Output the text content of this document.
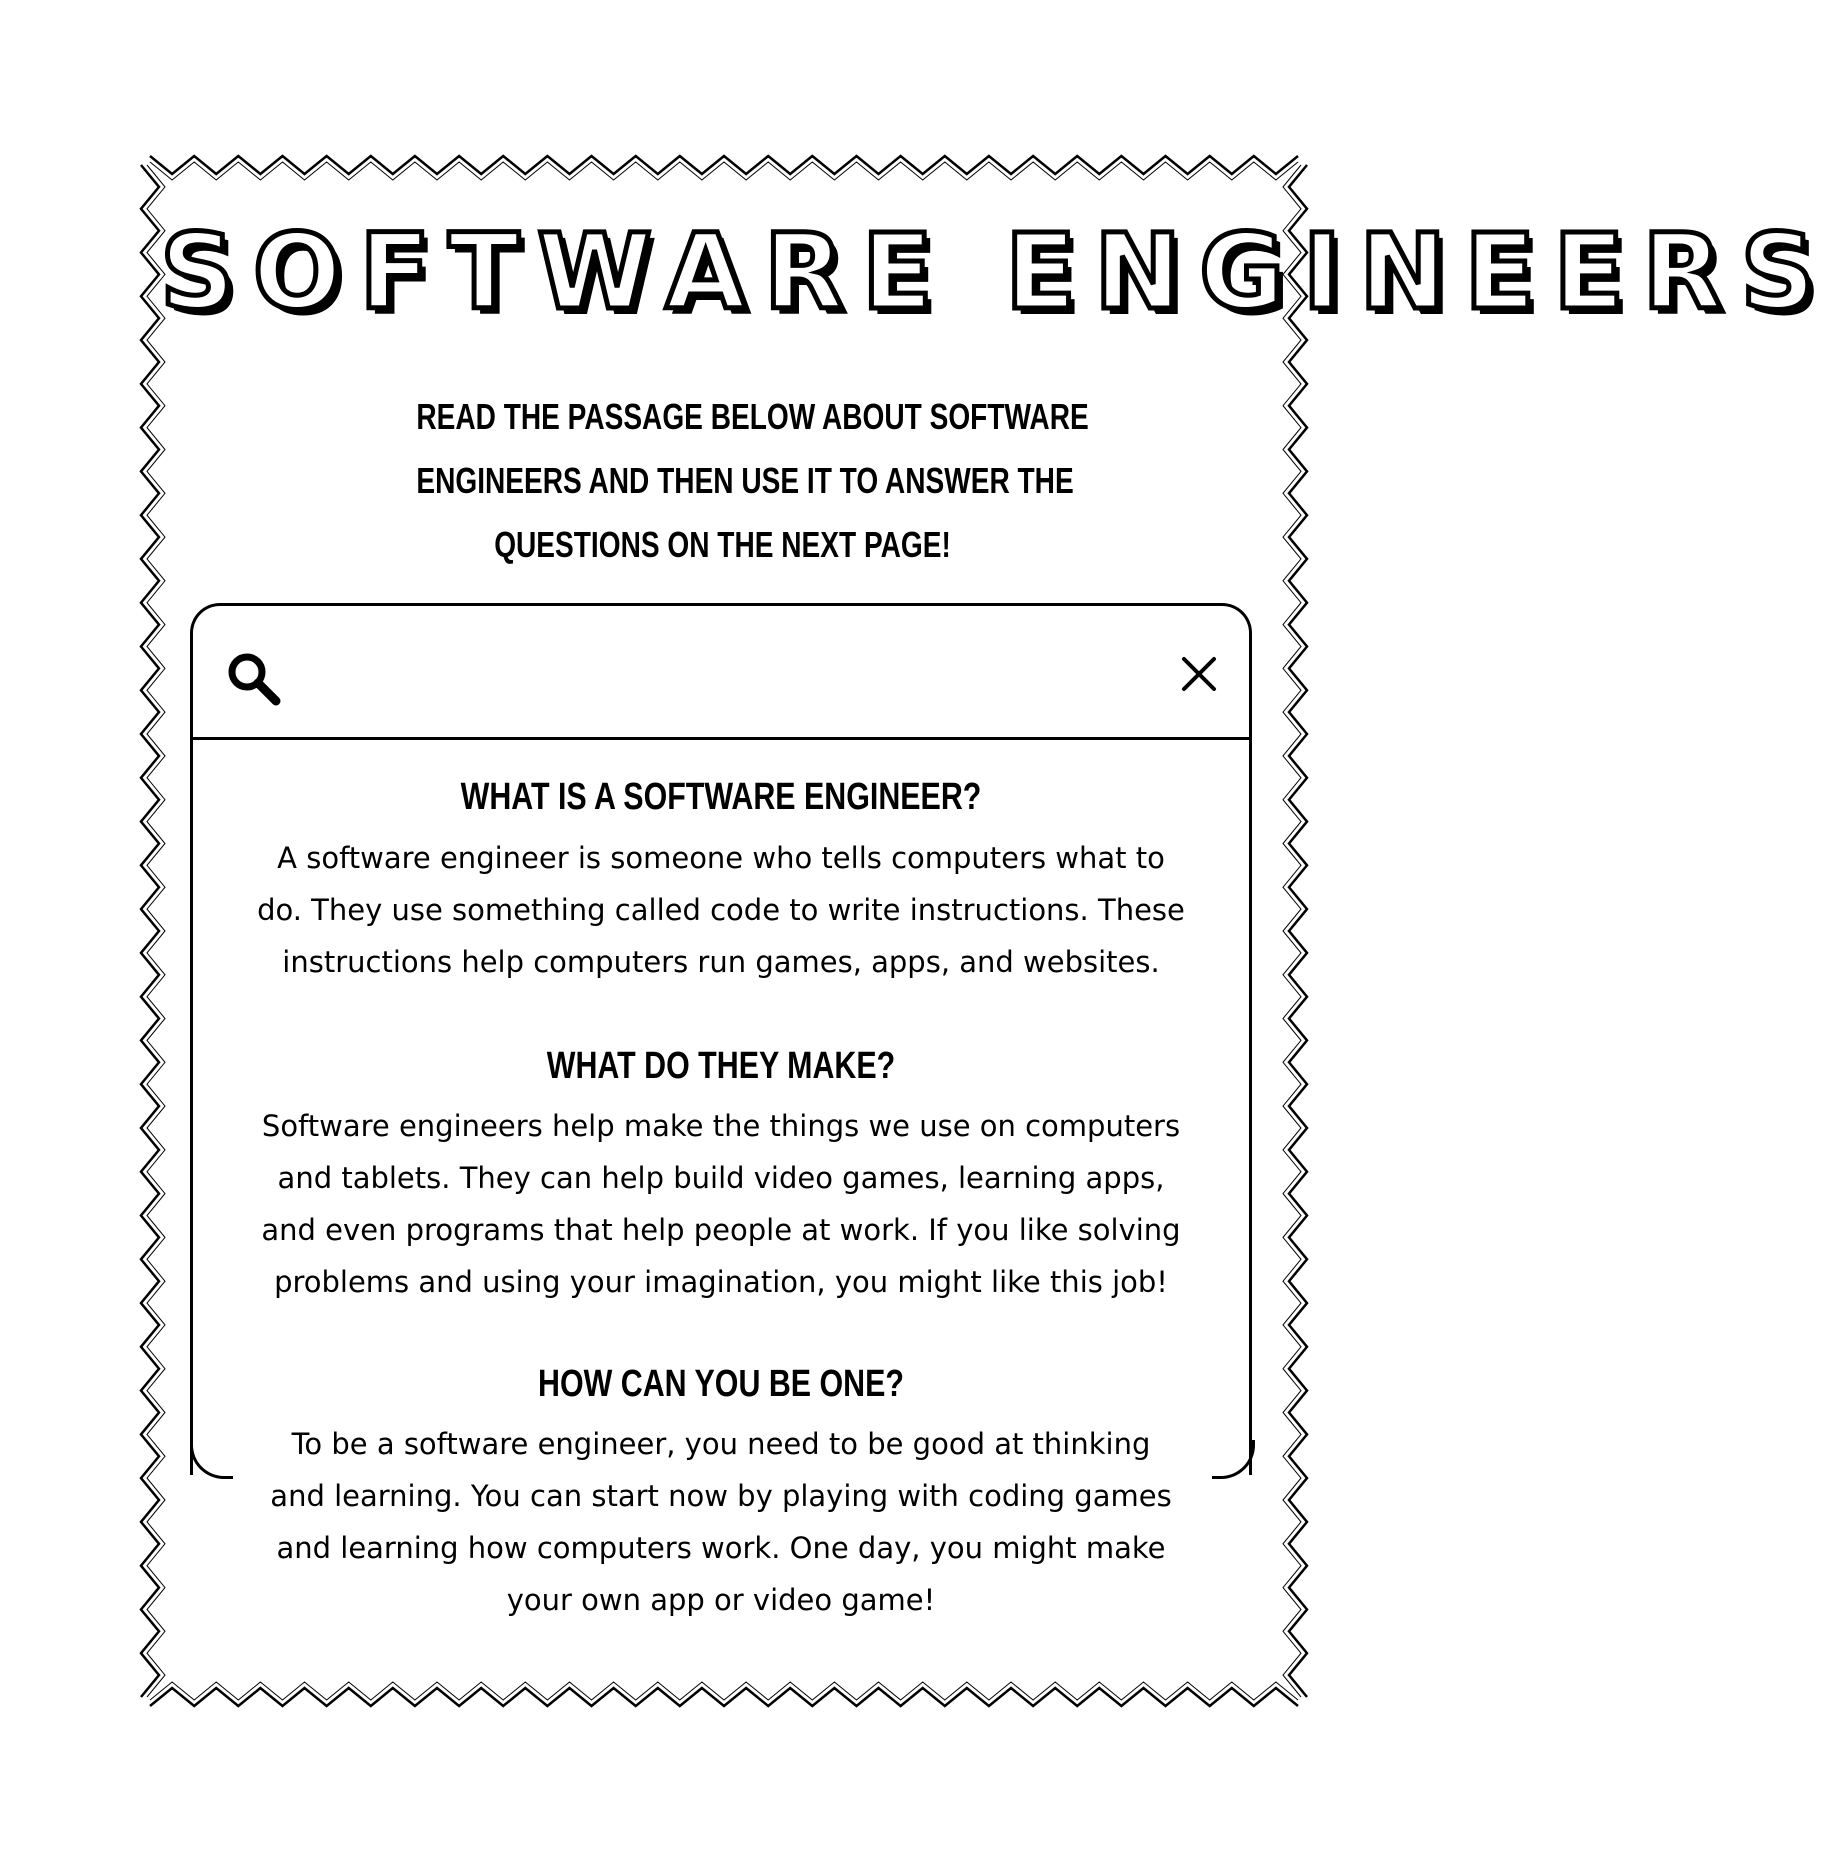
SOFTWARE ENGINEERS
READ THE PASSAGE BELOW ABOUT SOFTWARE
ENGINEERS AND THEN USE IT TO ANSWER THE
QUESTIONS ON THE NEXT PAGE!
WHAT IS A SOFTWARE ENGINEER?
A software engineer is someone who tells computers what to
do. They use something called code to write instructions. These
instructions help computers run games, apps, and websites.
WHAT DO THEY MAKE?
Software engineers help make the things we use on computers
and tablets. They can help build video games, learning apps,
and even programs that help people at work. If you like solving
problems and using your imagination, you might like this job!
HOW CAN YOU BE ONE?
To be a software engineer, you need to be good at thinking
and learning. You can start now by playing with coding games
and learning how computers work. One day, you might make
your own app or video game!
